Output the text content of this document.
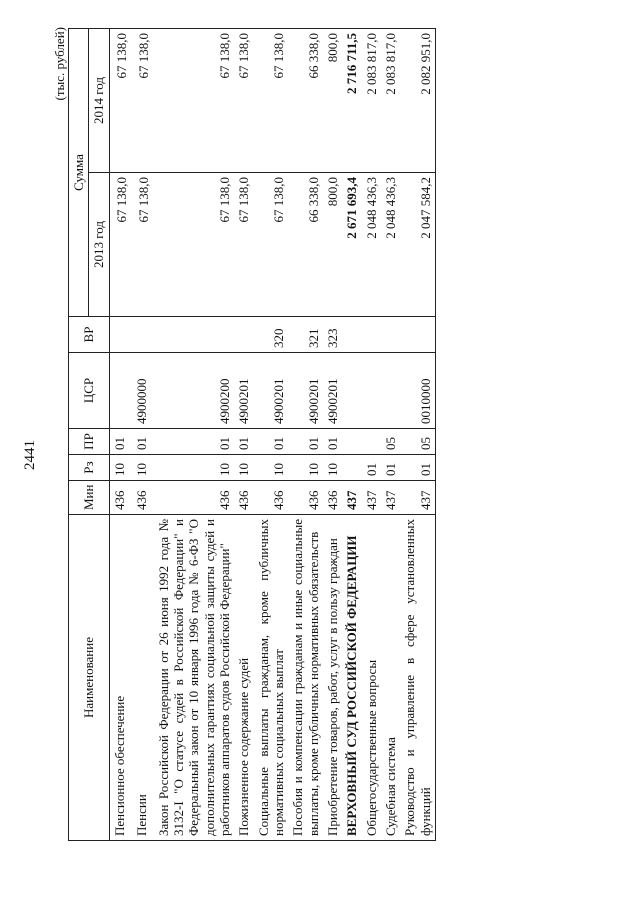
2441
(тыс. рублей)
Наименование	Мин	Рз	ПР	ЦСР	ВР	Сумма	
						2013 год	2014 год
Пенсионное обеспечение	436	10	01			67 138,0	67 138,0
Пенсии	436	10	01	4900000		67 138,0	67 138,0
Закон Российской Федерации от 26 июня 1992 года № 3132-I "О статусе судей в Российской Федерации" и Федеральный закон от 10 января 1996 года № 6-ФЗ "О дополнительных гарантиях социальной защиты судей и работников аппаратов судов Российской Федерации"	436	10	01	4900200		67 138,0	67 138,0
Пожизненное содержание судей	436	10	01	4900201		67 138,0	67 138,0
Социальные выплаты гражданам, кроме публичных нормативных социальных выплат	436	10	01	4900201	320	67 138,0	67 138,0
Пособия и компенсации гражданам и иные социальные выплаты, кроме публичных нормативных обязательств	436	10	01	4900201	321	66 338,0	66 338,0
Приобретение товаров, работ, услуг в пользу граждан	436	10	01	4900201	323	800,0	800,0
ВЕРХОВНЫЙ СУД РОССИЙСКОЙ ФЕДЕРАЦИИ	437					2 671 693,4	2 716 711,5
Общегосударственные вопросы	437	01				2 048 436,3	2 083 817,0
Судебная система	437	01	05			2 048 436,3	2 083 817,0
Руководство и управление в сфере установленных функций	437	01	05	0010000		2 047 584,2	2 082 951,0
